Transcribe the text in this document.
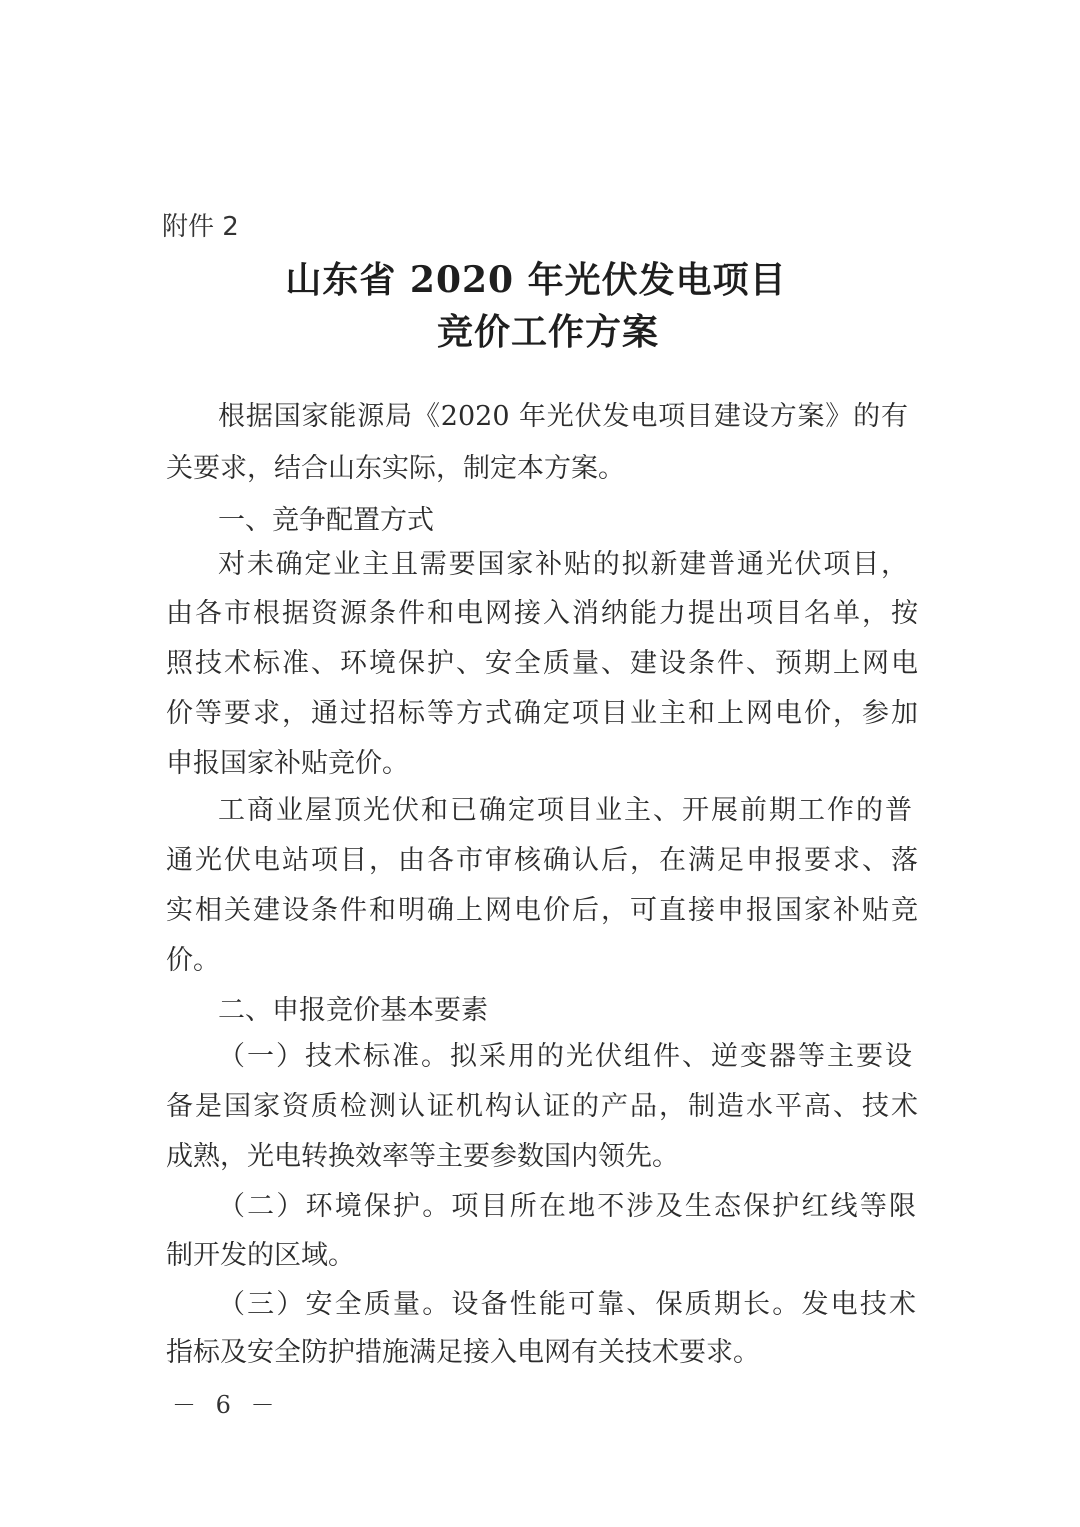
附件 2
山东省 2020 年光伏发电项目
竞价工作方案
根据国家能源局《2020 年光伏发电项目建设方案》的有
关要求，结合山东实际，制定本方案。
一、竞争配置方式
对未确定业主且需要国家补贴的拟新建普通光伏项目，
由各市根据资源条件和电网接入消纳能力提出项目名单，按
照技术标准、环境保护、安全质量、建设条件、预期上网电
价等要求，通过招标等方式确定项目业主和上网电价，参加
申报国家补贴竞价。
工商业屋顶光伏和已确定项目业主、开展前期工作的普
通光伏电站项目，由各市审核确认后，在满足申报要求、落
实相关建设条件和明确上网电价后，可直接申报国家补贴竞
价。
二、申报竞价基本要素
（一）技术标准。拟采用的光伏组件、逆变器等主要设
备是国家资质检测认证机构认证的产品，制造水平高、技术
成熟，光电转换效率等主要参数国内领先。
（二）环境保护。项目所在地不涉及生态保护红线等限
制开发的区域。
（三）安全质量。设备性能可靠、保质期长。发电技术
指标及安全防护措施满足接入电网有关技术要求。
－ 6 －
